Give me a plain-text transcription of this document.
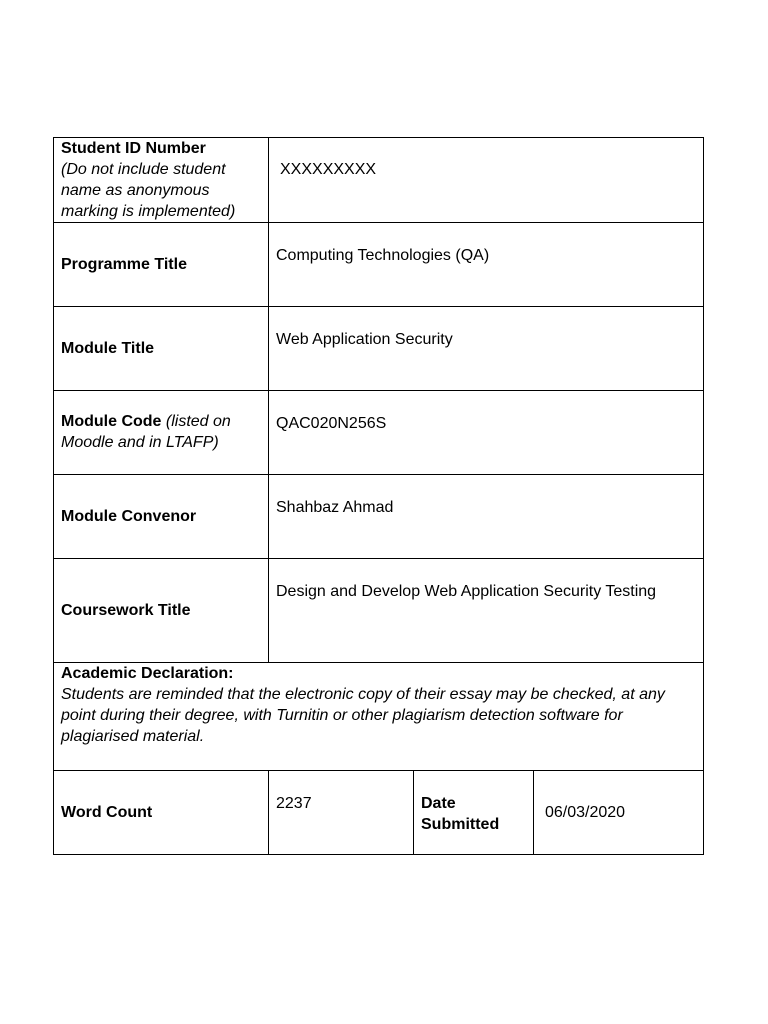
Student ID Number
(Do not include student name as anonymous marking is implemented)	XXXXXXXXX		
Programme Title	Computing Technologies (QA)		
Module Title	Web Application Security		
Module Code (listed on Moodle and in LTAFP)	QAC020N256S		
Module Convenor	Shahbaz Ahmad		
Coursework Title	Design and Develop Web Application Security Testing		

Academic Declaration:
Students are reminded that the electronic copy of their essay may be checked, at any point during their degree, with Turnitin or other plagiarism detection software for plagiarised material.			

Word Count	2237	Date Submitted	06/03/2020
